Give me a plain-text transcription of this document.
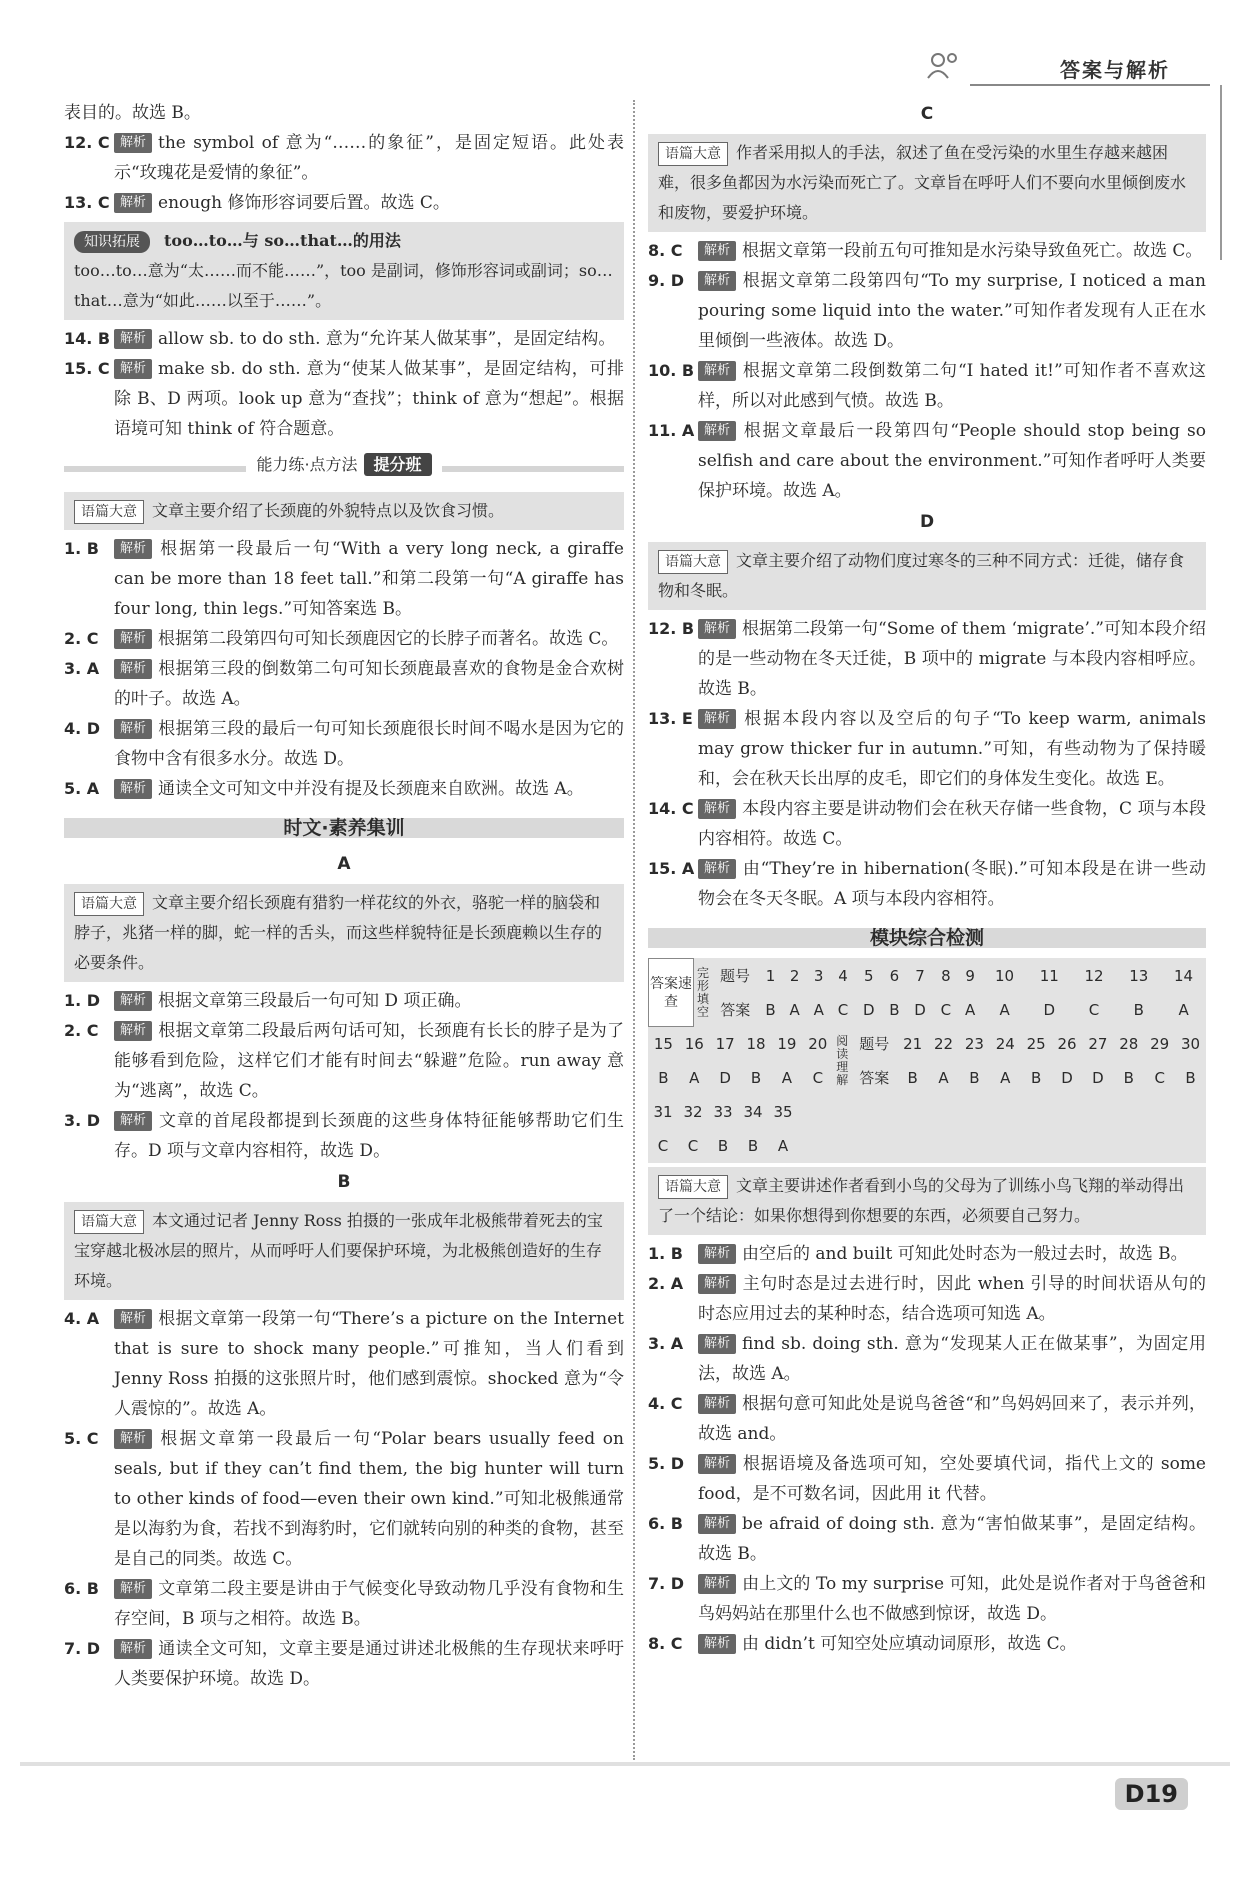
答案与解析
表目的。故选 B。
12. C 解析 the symbol of 意为“……的象征”，是固定短语。此处表示“玫瑰花是爱情的象征”。
13. C 解析 enough 修饰形容词要后置。故选 C。
知识拓展 too…to…与 so…that…的用法
too…to…意为“太……而不能……”，too 是副词，修饰形容词或副词；so…that…意为“如此……以至于……”。
14. B 解析 allow sb. to do sth. 意为“允许某人做某事”，是固定结构。
15. C 解析 make sb. do sth. 意为“使某人做某事”，是固定结构，可排除 B、D 两项。look up 意为“查找”；think of 意为“想起”。根据语境可知 think of 符合题意。
能力练·点方法 提分班
语篇大意 文章主要介绍了长颈鹿的外貌特点以及饮食习惯。
1. B	解析 根据第一段最后一句“With a very long neck, a giraffe can be more than 18 feet tall.”和第二段第一句“A giraffe has four long, thin legs.”可知答案选 B。
2. C	解析 根据第二段第四句可知长颈鹿因它的长脖子而著名。故选 C。
3. A	解析 根据第三段的倒数第二句可知长颈鹿最喜欢的食物是金合欢树的叶子。故选 A。
4. D	解析 根据第三段的最后一句可知长颈鹿很长时间不喝水是因为它的食物中含有很多水分。故选 D。
5. A	解析 通读全文可知文中并没有提及长颈鹿来自欧洲。故选 A。
时文·素养集训
A
语篇大意 文章主要介绍长颈鹿有猎豹一样花纹的外衣，骆驼一样的脑袋和脖子，兆猪一样的脚，蛇一样的舌头，而这些样貌特征是长颈鹿赖以生存的必要条件。
1. D	解析 根据文章第三段最后一句可知 D 项正确。
2. C	解析 根据文章第二段最后两句话可知，长颈鹿有长长的脖子是为了能够看到危险，这样它们才能有时间去“躲避”危险。run away 意为“逃离”，故选 C。
3. D	解析 文章的首尾段都提到长颈鹿的这些身体特征能够帮助它们生存。D 项与文章内容相符，故选 D。
B
语篇大意 本文通过记者 Jenny Ross 拍摄的一张成年北极熊带着死去的宝宝穿越北极冰层的照片，从而呼吁人们要保护环境，为北极熊创造好的生存环境。
4. A	解析 根据文章第一段第一句“There’s a picture on the Internet that is sure to shock many people.”可推知，当人们看到 Jenny Ross 拍摄的这张照片时，他们感到震惊。shocked 意为“令人震惊的”。故选 A。
5. C	解析 根据文章第一段最后一句“Polar bears usually feed on seals, but if they can’t find them, the big hunter will turn to other kinds of food—even their own kind.”可知北极熊通常是以海豹为食，若找不到海豹时，它们就转向别的种类的食物，甚至是自己的同类。故选 C。
6. B	解析 文章第二段主要是讲由于气候变化导致动物几乎没有食物和生存空间，B 项与之相符。故选 B。
7. D	解析 通读全文可知，文章主要是通过讲述北极熊的生存现状来呼吁人类要保护环境。故选 D。
C
语篇大意 作者采用拟人的手法，叙述了鱼在受污染的水里生存越来越困难，很多鱼都因为水污染而死亡了。文章旨在呼吁人们不要向水里倾倒废水和废物，要爱护环境。
8. C	解析 根据文章第一段前五句可推知是水污染导致鱼死亡。故选 C。
9. D	解析 根据文章第二段第四句“To my surprise, I noticed a man pouring some liquid into the water.”可知作者发现有人正在水里倾倒一些液体。故选 D。
10. B 解析 根据文章第二段倒数第二句“I hated it!”可知作者不喜欢这样，所以对此感到气愤。故选 B。
11. A 解析 根据文章最后一段第四句“People should stop being so selfish and care about the environment.”可知作者呼吁人类要保护环境。故选 A。
D
语篇大意 文章主要介绍了动物们度过寒冬的三种不同方式：迁徙，储存食物和冬眠。
12. B 解析 根据第二段第一句“Some of them ‘migrate’.”可知本段介绍的是一些动物在冬天迁徙，B 项中的 migrate 与本段内容相呼应。故选 B。
13. E 解析 根据本段内容以及空后的句子“To keep warm, animals may grow thicker fur in autumn.”可知，有些动物为了保持暖和，会在秋天长出厚的皮毛，即它们的身体发生变化。故选 E。
14. C 解析 本段内容主要是讲动物们会在秋天存储一些食物，C 项与本段内容相符。故选 C。
15. A 解析 由“They’re in hibernation(冬眠).”可知本段是在讲一些动物会在冬天冬眠。A 项与本段内容相符。
模块综合检测
答案速查	完形填空	题号	1	2	3	4	5	6	7	8	9	10	11	12	13	14
		答案	B	A	A	C	D	B	D	C	A	A	D	C	B	A
15	16	17	18	19	20	阅读理解	题号	21	22	23	24	25	26	27	28	29	30
B	A	D	B	A	C		答案	B	A	B	A	B	D	D	B	C	B
31	32	33	34	35
C	C	B	B	A
语篇大意 文章主要讲述作者看到小鸟的父母为了训练小鸟飞翔的举动得出了一个结论：如果你想得到你想要的东西，必须要自己努力。
1. B	解析 由空后的 and built 可知此处时态为一般过去时，故选 B。
2. A	解析 主句时态是过去进行时，因此 when 引导的时间状语从句的时态应用过去的某种时态，结合选项可知选 A。
3. A	解析 find sb. doing sth. 意为“发现某人正在做某事”，为固定用法，故选 A。
4. C	解析 根据句意可知此处是说鸟爸爸“和”鸟妈妈回来了，表示并列，故选 and。
5. D	解析 根据语境及备选项可知，空处要填代词，指代上文的 some food，是不可数名词，因此用 it 代替。
6. B	解析 be afraid of doing sth. 意为“害怕做某事”，是固定结构。故选 B。
7. D	解析 由上文的 To my surprise 可知，此处是说作者对于鸟爸爸和鸟妈妈站在那里什么也不做感到惊讶，故选 D。
8. C	解析 由 didn’t 可知空处应填动词原形，故选 C。
D19
